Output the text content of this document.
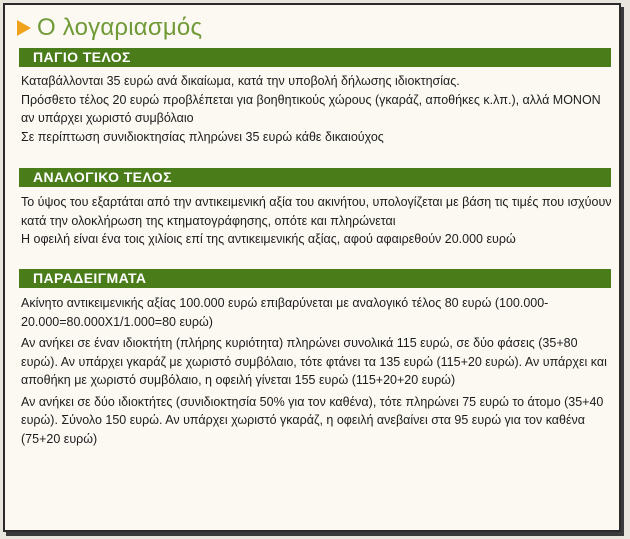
Ο λογαριασμός
ΠΑΓΙΟ ΤΕΛΟΣ

Καταβάλλονται 35 ευρώ ανά δικαίωμα, κατά την υποβολή δήλωσης ιδιοκτησίας.

Πρόσθετο τέλος 20 ευρώ προβλέπεται για βοηθητικούς χώρους (γκαράζ, αποθήκες κ.λπ.), αλλά ΜΟΝΟΝ αν υπάρχει χωριστό συμβόλαιο

Σε περίπτωση συνιδιοκτησίας πληρώνει 35 ευρώ κάθε δικαιούχος

ΑΝΑΛΟΓΙΚΟ ΤΕΛΟΣ

Το ύψος του εξαρτάται από την αντικειμενική αξία του ακινήτου, υπολογίζεται με βάση τις τιμές που ισχύουν κατά την ολοκλήρωση της κτηματογράφησης, οπότε και πληρώνεται

Η οφειλή είναι ένα τοις χιλίοις επί της αντικειμενικής αξίας, αφού αφαιρεθούν 20.000 ευρώ

ΠΑΡΑΔΕΙΓΜΑΤΑ

Ακίνητο αντικειμενικής αξίας 100.000 ευρώ επιβαρύνεται με αναλογικό τέλος 80 ευρώ (100.000-20.000=80.000Χ1/1.000=80 ευρώ)

Αν ανήκει σε έναν ιδιοκτήτη (πλήρης κυριότητα) πληρώνει συνολικά 115 ευρώ, σε δύο φάσεις (35+80 ευρώ). Αν υπάρχει γκαράζ με χωριστό συμβόλαιο, τότε φτάνει τα 135 ευρώ (115+20 ευρώ). Αν υπάρχει και αποθήκη με χωριστό συμβόλαιο, η οφειλή γίνεται 155 ευρώ (115+20+20 ευρώ)

Αν ανήκει σε δύο ιδιοκτήτες (συνιδιοκτησία 50% για τον καθένα), τότε πληρώνει 75 ευρώ το άτομο (35+40 ευρώ). Σύνολο 150 ευρώ. Αν υπάρχει χωριστό γκαράζ, η οφειλή ανεβαίνει στα 95 ευρώ για τον καθένα (75+20 ευρώ)
